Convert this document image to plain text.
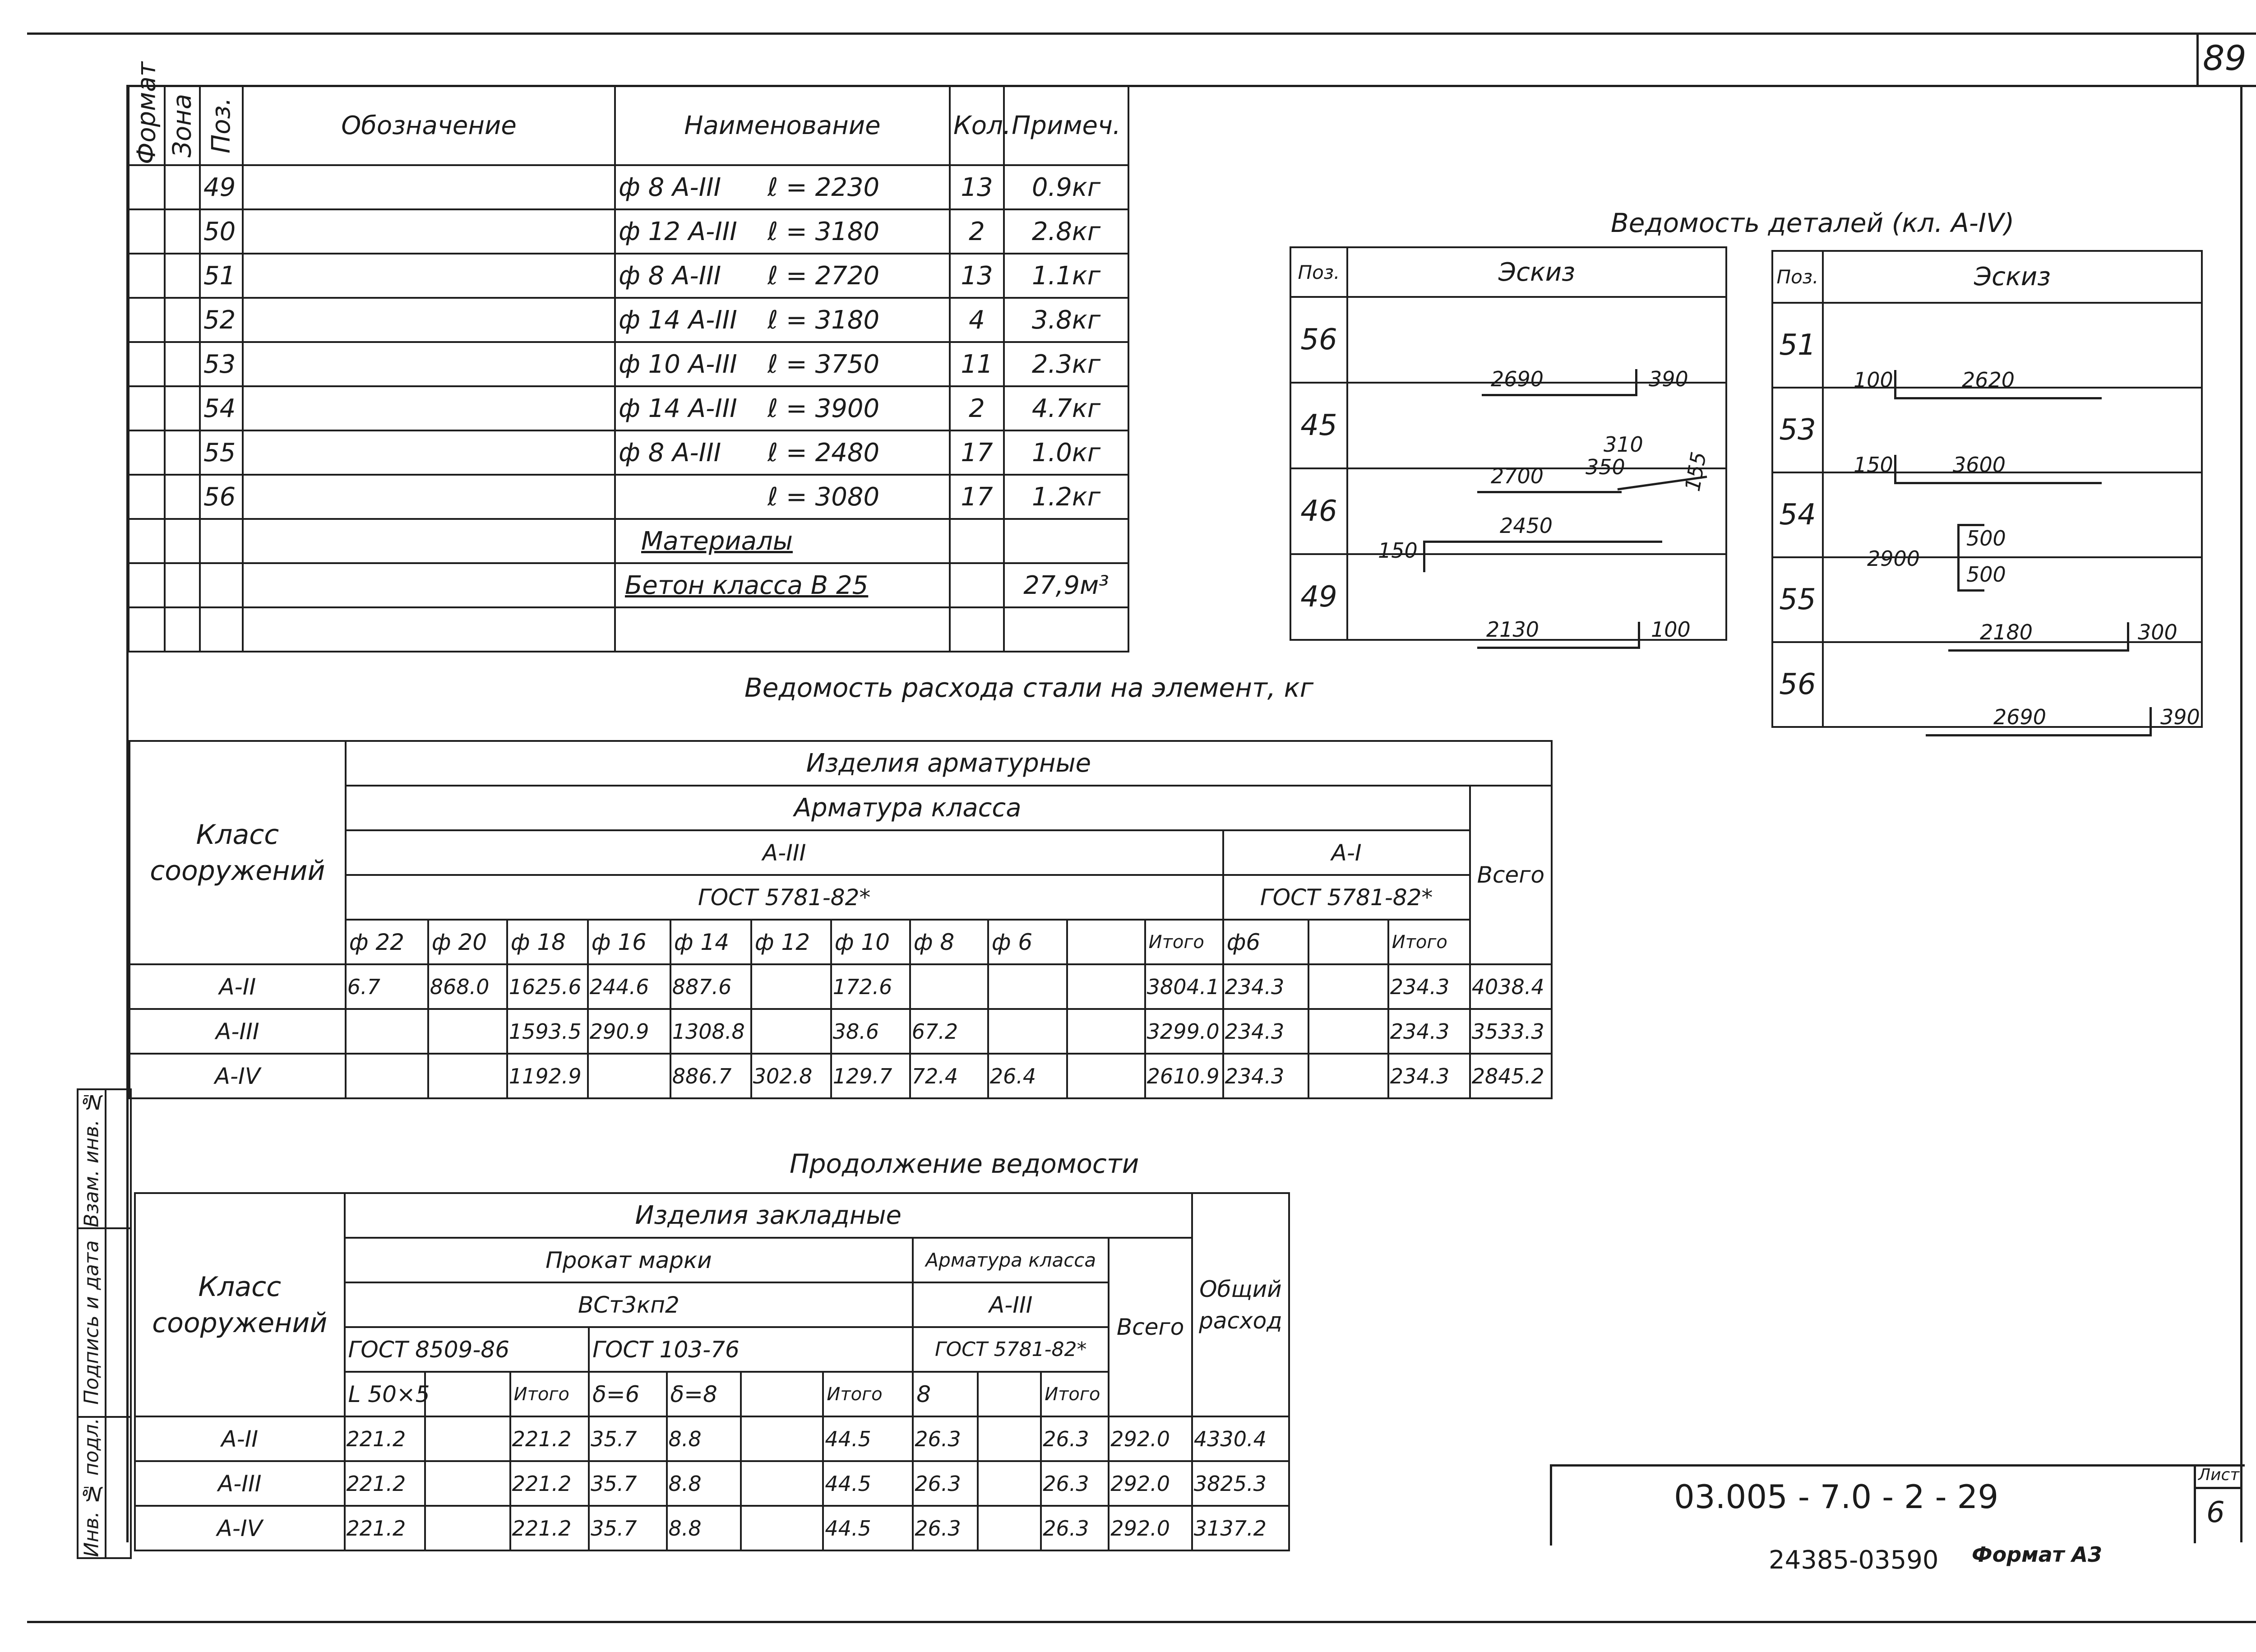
89
Формат	Зона	Поз.	Обозначение	Наименование	Кол.	Примеч.
		49		ф 8 А-III ℓ = 2230	13	0.9кг
		50		ф 12 А-III ℓ = 3180	2	2.8кг
		51		ф 8 А-III ℓ = 2720	13	1.1кг
		52		ф 14 А-III ℓ = 3180	4	3.8кг
		53		ф 10 А-III ℓ = 3750	11	2.3кг
		54		ф 14 А-III ℓ = 3900	2	4.7кг
		55		ф 8 А-III ℓ = 2480	17	1.0кг
		56		ℓ = 3080	17	1.2кг
				Материалы		
				Бетон класса В 25		27,9м³

Ведомость деталей (кл. А-IV)
Поз.	Эскиз
56	2690 390

45	2700 350
310
155

46	150
2450

49	2130 100
Поз.	Эскиз
51	100 2620

53	150 3600

54	2900
500
500

55	2180 300

56	2690 390
Ведомость расхода стали на элемент, кг
Класс сооружений	Изделия арматурные														
	Арматура класса														Всего
	А-III											А-I			
	ГОСТ 5781-82*											ГОСТ 5781-82*			
	ф 22	ф 20	ф 18	ф 16	ф 14	ф 12	ф 10	ф 8	ф 6		Итого	ф6		Итого	
А-II	6.7	868.0	1625.6	244.6	887.6		172.6				3804.1	234.3		234.3	4038.4
А-III			1593.5	290.9	1308.8		38.6	67.2			3299.0	234.3		234.3	3533.3
А-IV			1192.9		886.7	302.8	129.7	72.4	26.4		2610.9	234.3		234.3	2845.2
Продолжение ведомости
Класс сооружений	Изделия закладные											Общий расход
	Прокат марки							Арматура класса			Всего	
	ВСт3кп2							А-III				
	ГОСТ 8509-86			ГОСТ 103-76				ГОСТ 5781-82*				
	L 50×5		Итого	δ=6	δ=8		Итого	8		Итого		
А-II	221.2		221.2	35.7	8.8		44.5	26.3		26.3	292.0	4330.4
А-III	221.2		221.2	35.7	8.8		44.5	26.3		26.3	292.0	3825.3
А-IV	221.2		221.2	35.7	8.8		44.5	26.3		26.3	292.0	3137.2
Взам. инв. №	
Подпись и дата	
Инв. № подл.		03.005 - 7.0 - 2 - 29
Лист
6
24385-03590 Формат А3
